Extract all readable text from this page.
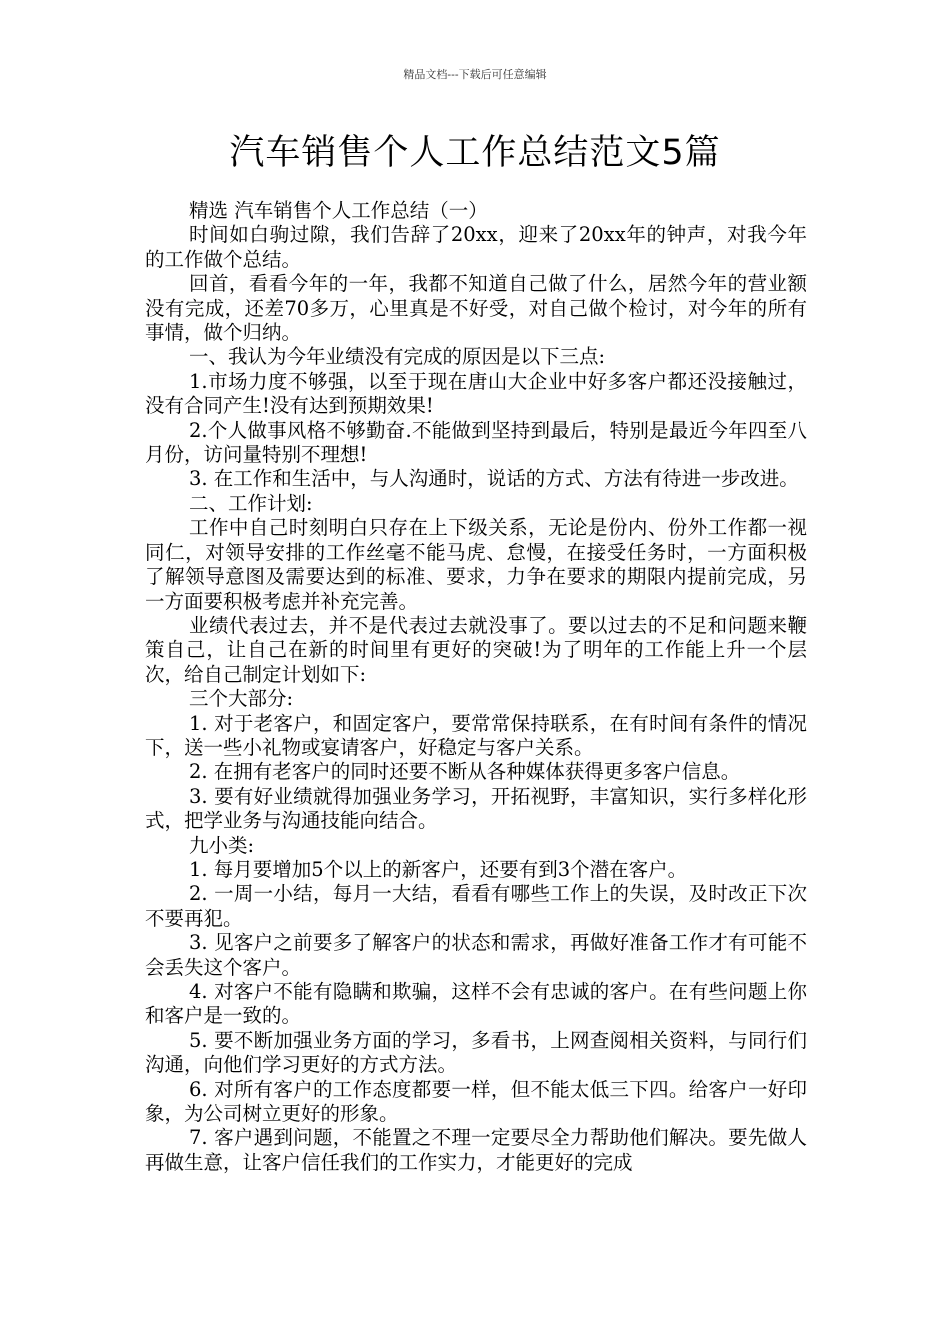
精品文档---下载后可任意编辑
汽车销售个人工作总结范文5篇

精选 汽车销售个人工作总结（一）

时间如白驹过隙，我们告辞了20xx，迎来了20xx年的钟声，对我今年的工作做个总结。

回首，看看今年的一年，我都不知道自己做了什么，居然今年的营业额没有完成，还差70多万，心里真是不好受，对自己做个检讨，对今年的所有事情，做个归纳。

一、我认为今年业绩没有完成的原因是以下三点:

1.市场力度不够强，以至于现在唐山大企业中好多客户都还没接触过，没有合同产生!没有达到预期效果!

2.个人做事风格不够勤奋.不能做到坚持到最后，特别是最近今年四至八月份，访问量特别不理想!

3. 在工作和生活中，与人沟通时，说话的方式、方法有待进一步改进。

二、工作计划:

工作中自己时刻明白只存在上下级关系，无论是份内、份外工作都一视同仁，对领导安排的工作丝毫不能马虎、怠慢，在接受任务时，一方面积极了解领导意图及需要达到的标准、要求，力争在要求的期限内提前完成，另一方面要积极考虑并补充完善。

业绩代表过去，并不是代表过去就没事了。要以过去的不足和问题来鞭策自己，让自己在新的时间里有更好的突破!为了明年的工作能上升一个层次，给自己制定计划如下:

三个大部分:

1. 对于老客户，和固定客户，要常常保持联系，在有时间有条件的情况下，送一些小礼物或宴请客户，好稳定与客户关系。

2. 在拥有老客户的同时还要不断从各种媒体获得更多客户信息。

3. 要有好业绩就得加强业务学习，开拓视野，丰富知识，实行多样化形式，把学业务与沟通技能向结合。

九小类:

1. 每月要增加5个以上的新客户，还要有到3个潜在客户。

2. 一周一小结，每月一大结，看看有哪些工作上的失误，及时改正下次不要再犯。

3. 见客户之前要多了解客户的状态和需求，再做好准备工作才有可能不会丢失这个客户。

4. 对客户不能有隐瞒和欺骗，这样不会有忠诚的客户。在有些问题上你和客户是一致的。

5. 要不断加强业务方面的学习，多看书，上网查阅相关资料，与同行们沟通，向他们学习更好的方式方法。

6. 对所有客户的工作态度都要一样，但不能太低三下四。给客户一好印象，为公司树立更好的形象。

7. 客户遇到问题，不能置之不理一定要尽全力帮助他们解决。要先做人再做生意，让客户信任我们的工作实力，才能更好的完成
